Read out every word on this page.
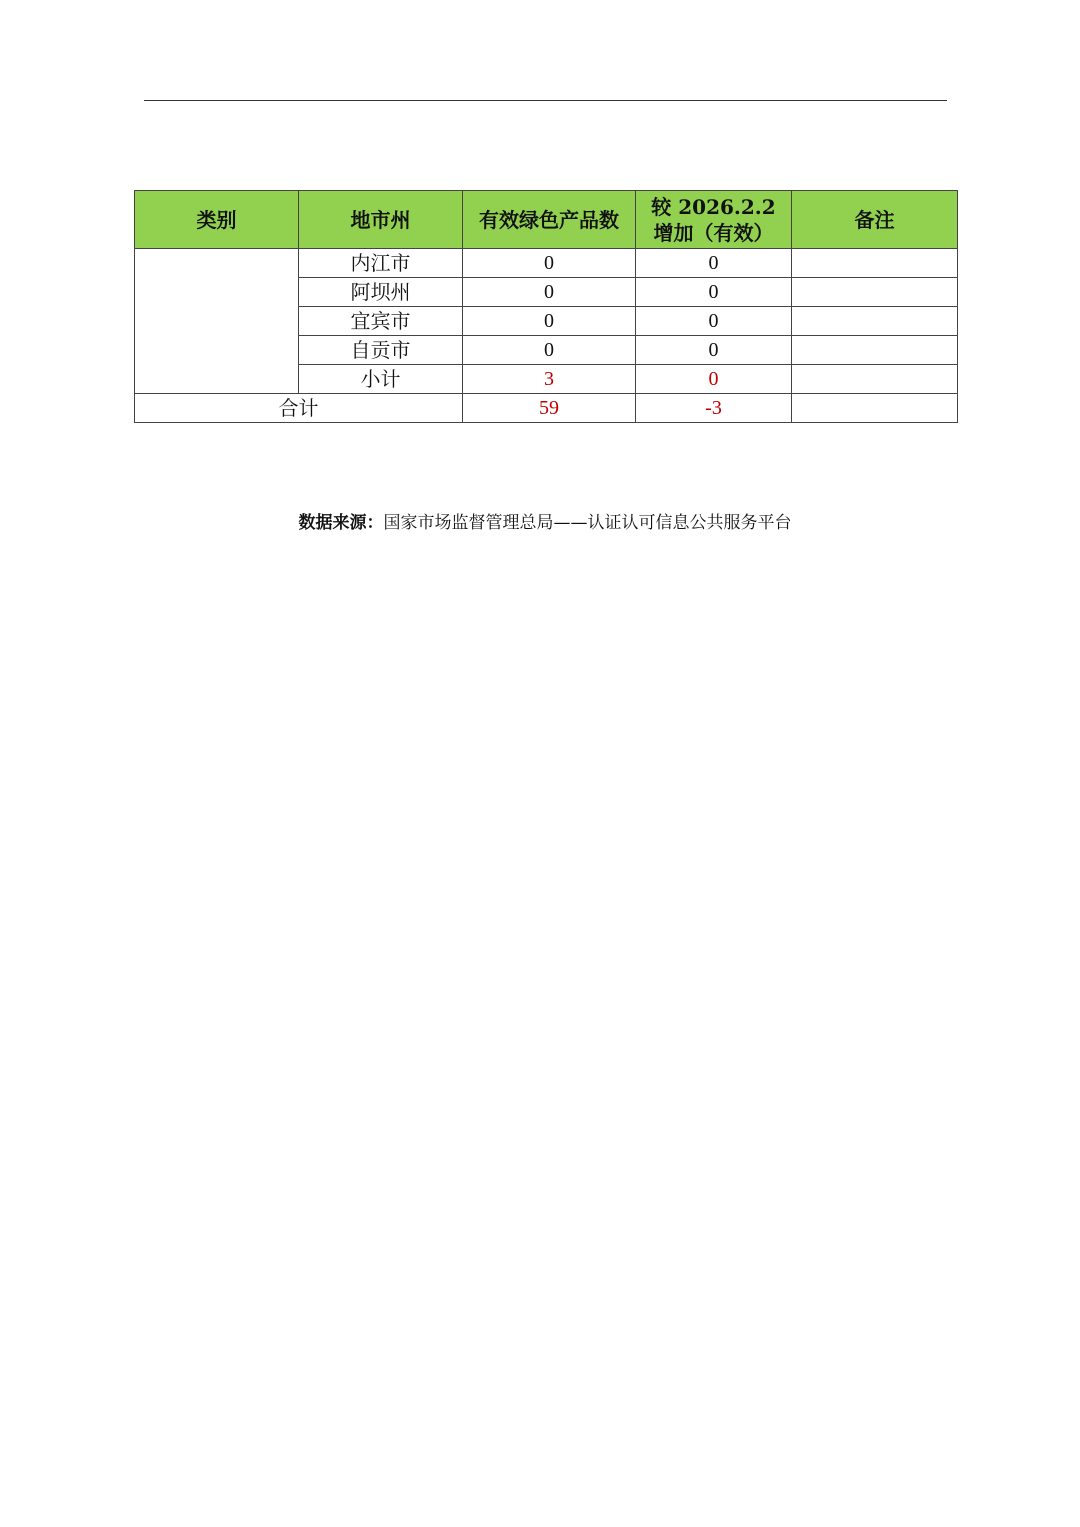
类别	地市州	有效绿色产品数	较 2026.2.2 增加（有效）	备注
	内江市	0	0	
	阿坝州	0	0	
	宜宾市	0	0	
	自贡市	0	0	
	小计	3	0	
合计		59	-3	
数据来源：国家市场监督管理总局——认证认可信息公共服务平台
